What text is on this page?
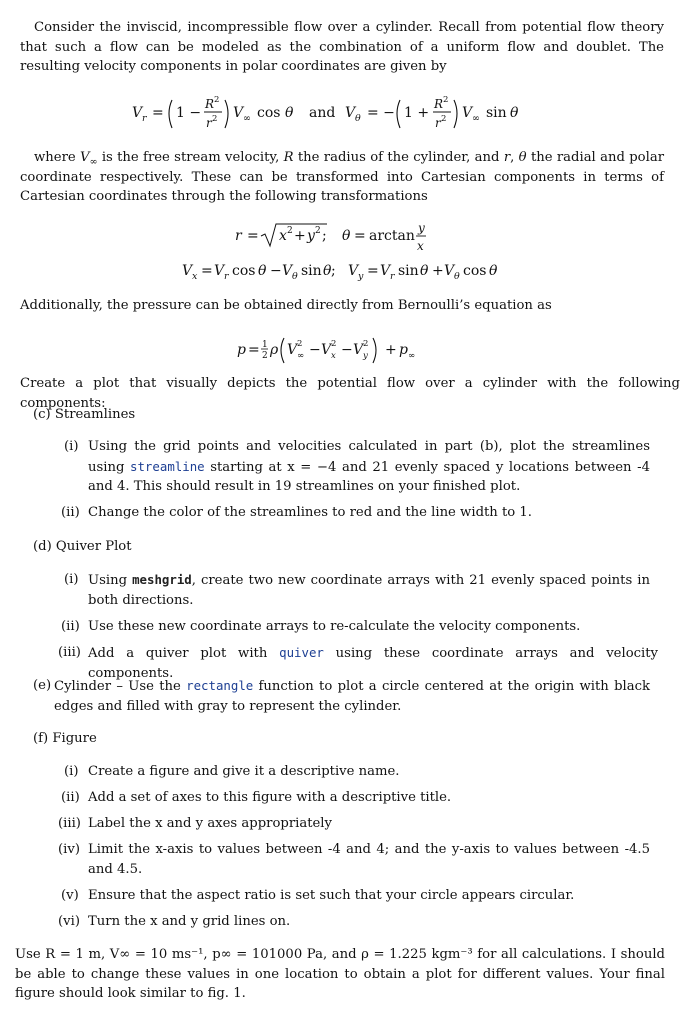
Consider the inviscid, incompressible flow over a cylinder. Recall from potential flow theory that such a flow can be modeled as the combination of a uniform flow and doublet. The resulting velocity components in polar coordinates are given by

V r = 1 −
R 2
r 2 V ∞ cos θ and V θ = − 1 +
R 2
r 2 V ∞ sin θ

where $V_\infty$ is the free stream velocity, R the radius of the cylinder, and r, θ the radial and polar coordinate respectively. These can be transformed into Cartesian components in terms of Cartesian coordinates through the following transformations

r = x 2 + y 2 ; θ = arctan y
x
V x = V r cos θ − V θ sin θ ; V y = V r sin θ + V θ cos θ

Additionally, the pressure can be obtained directly from Bernoulli’s equation as

p = 1
2 ρ V ∞
2 − V x
2 − V y
2 + p ∞

Create a plot that visually depicts the potential flow over a cylinder with the following components:

(c) Streamlines
(i) Using the grid points and velocities calculated in part (b), plot the streamlines using streamline starting at x = −4 and 21 evenly spaced y locations between -4 and 4. This should result in 19 streamlines on your finished plot.
(ii) Change the color of the streamlines to red and the line width to 1.
(d) Quiver Plot
(i) Using meshgrid, create two new coordinate arrays with 21 evenly spaced points in both directions.
(ii) Use these new coordinate arrays to re-calculate the velocity components.
(iii) Add a quiver plot with quiver using these coordinate arrays and velocity components.
(e) Cylinder – Use the rectangle function to plot a circle centered at the origin with black edges and filled with gray to represent the cylinder.
(f) Figure
(i) Create a figure and give it a descriptive name.
(ii) Add a set of axes to this figure with a descriptive title.
(iii) Label the x and y axes appropriately
(iv) Limit the x-axis to values between -4 and 4; and the y-axis to values between -4.5 and 4.5.
(v) Ensure that the aspect ratio is set such that your circle appears circular.
(vi) Turn the x and y grid lines on.

Use R = 1 m, V∞ = 10 ms⁻¹, p∞ = 101000 Pa, and ρ = 1.225 kgm⁻³ for all calculations. I should be able to change these values in one location to obtain a plot for different values. Your final figure should look similar to fig. 1.
